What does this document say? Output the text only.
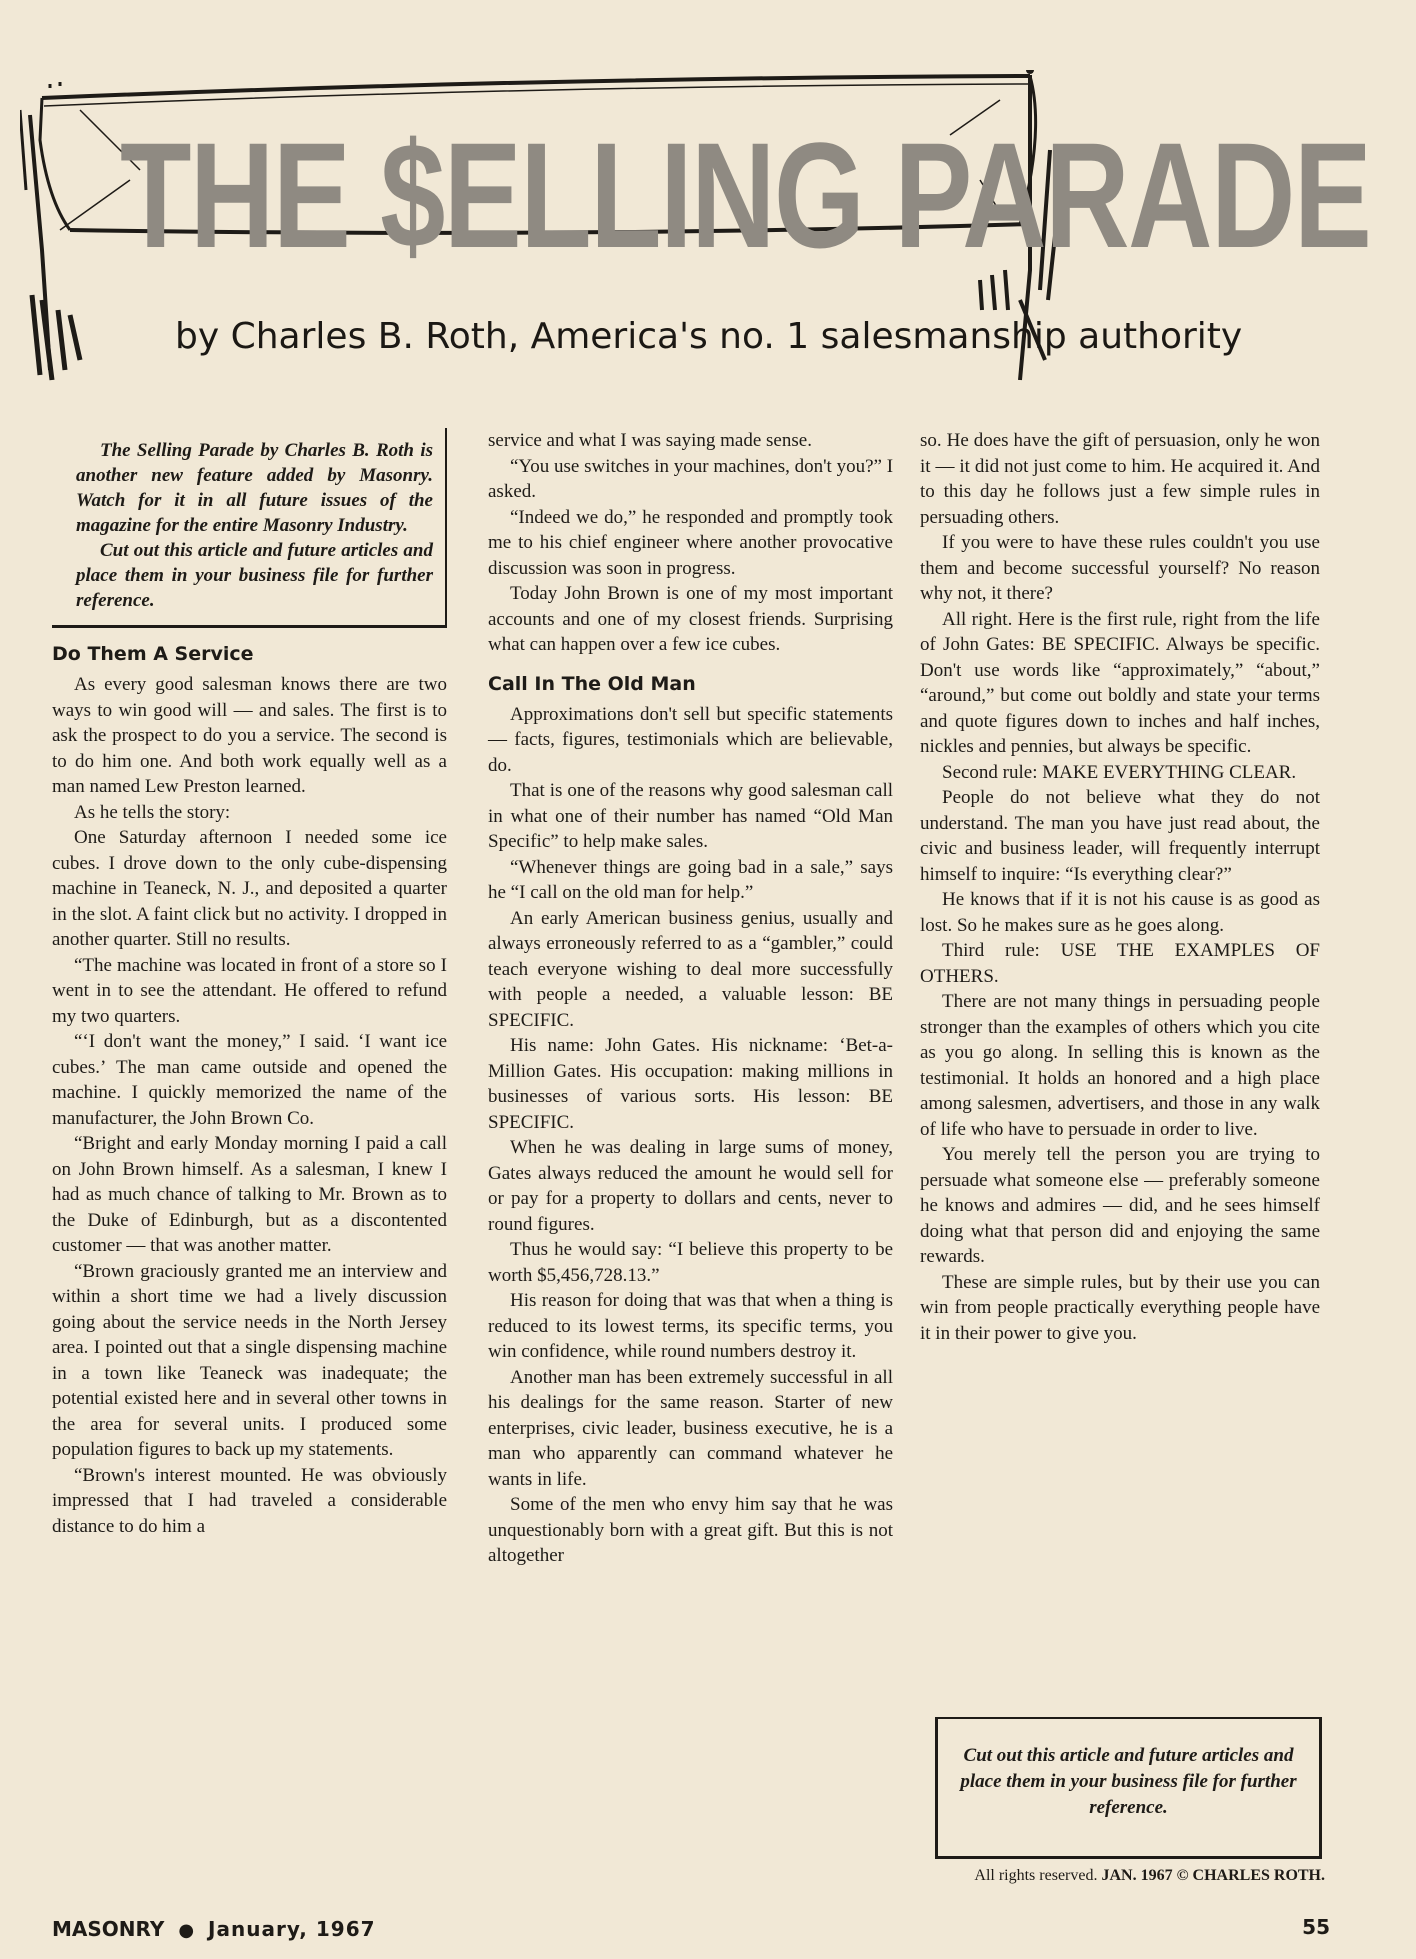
THE $ELLING PARADE
by Charles B. Roth, America's no. 1 salesmanship authority

The Selling Parade by Charles B. Roth is another new feature added by Masonry. Watch for it in all future issues of the magazine for the entire Masonry Industry.

Cut out this article and future articles and place them in your business file for further reference.

Do Them A Service

As every good salesman knows there are two ways to win good will — and sales. The first is to ask the prospect to do you a service. The second is to do him one. And both work equally well as a man named Lew Preston learned.

As he tells the story:

One Saturday afternoon I needed some ice cubes. I drove down to the only cube-dispensing machine in Teaneck, N. J., and deposited a quarter in the slot. A faint click but no activity. I dropped in another quarter. Still no results.

“The machine was located in front of a store so I went in to see the attendant. He offered to refund my two quarters.

“‘I don't want the money,” I said. ‘I want ice cubes.’ The man came outside and opened the machine. I quickly memorized the name of the manufacturer, the John Brown Co.

“Bright and early Monday morning I paid a call on John Brown himself. As a salesman, I knew I had as much chance of talking to Mr. Brown as to the Duke of Edinburgh, but as a discontented customer — that was another matter.

“Brown graciously granted me an interview and within a short time we had a lively discussion going about the service needs in the North Jersey area. I pointed out that a single dispensing machine in a town like Teaneck was inadequate; the potential existed here and in several other towns in the area for several units. I produced some population figures to back up my statements.

“Brown's interest mounted. He was obviously impressed that I had traveled a considerable distance to do him a

service and what I was saying made sense.

“You use switches in your machines, don't you?” I asked.

“Indeed we do,” he responded and promptly took me to his chief engineer where another provocative discussion was soon in progress.

Today John Brown is one of my most important accounts and one of my closest friends. Surprising what can happen over a few ice cubes.

Call In The Old Man

Approximations don't sell but specific statements — facts, figures, testimonials which are believable, do.

That is one of the reasons why good salesman call in what one of their number has named “Old Man Specific” to help make sales.

“Whenever things are going bad in a sale,” says he “I call on the old man for help.”

An early American business genius, usually and always erroneously referred to as a “gambler,” could teach everyone wishing to deal more successfully with people a needed, a valuable lesson: BE SPECIFIC.

His name: John Gates. His nickname: ‘Bet-a-Million Gates. His occupation: making millions in businesses of various sorts. His lesson: BE SPECIFIC.

When he was dealing in large sums of money, Gates always reduced the amount he would sell for or pay for a property to dollars and cents, never to round figures.

Thus he would say: “I believe this property to be worth $5,456,728.13.”

His reason for doing that was that when a thing is reduced to its lowest terms, its specific terms, you win confidence, while round numbers destroy it.

Another man has been extremely successful in all his dealings for the same reason. Starter of new enterprises, civic leader, business executive, he is a man who apparently can command whatever he wants in life.

Some of the men who envy him say that he was unquestionably born with a great gift. But this is not altogether

so. He does have the gift of persuasion, only he won it — it did not just come to him. He acquired it. And to this day he follows just a few simple rules in persuading others.

If you were to have these rules couldn't you use them and become successful yourself? No reason why not, it there?

All right. Here is the first rule, right from the life of John Gates: BE SPECIFIC. Always be specific. Don't use words like “approximately,” “about,” “around,” but come out boldly and state your terms and quote figures down to inches and half inches, nickles and pennies, but always be specific.

Second rule: MAKE EVERYTHING CLEAR.

People do not believe what they do not understand. The man you have just read about, the civic and business leader, will frequently interrupt himself to inquire: “Is everything clear?”

He knows that if it is not his cause is as good as lost. So he makes sure as he goes along.

Third rule: USE THE EXAMPLES OF OTHERS.

There are not many things in persuading people stronger than the examples of others which you cite as you go along. In selling this is known as the testimonial. It holds an honored and a high place among salesmen, advertisers, and those in any walk of life who have to persuade in order to live.

You merely tell the person you are trying to persuade what someone else — preferably someone he knows and admires — did, and he sees himself doing what that person did and enjoying the same rewards.

These are simple rules, but by their use you can win from people practically everything people have it in their power to give you.

Cut out this article and future articles and place them in your business file for further reference.
All rights reserved. JAN. 1967 © CHARLES ROTH.
MASONRY ● January, 1967	55
